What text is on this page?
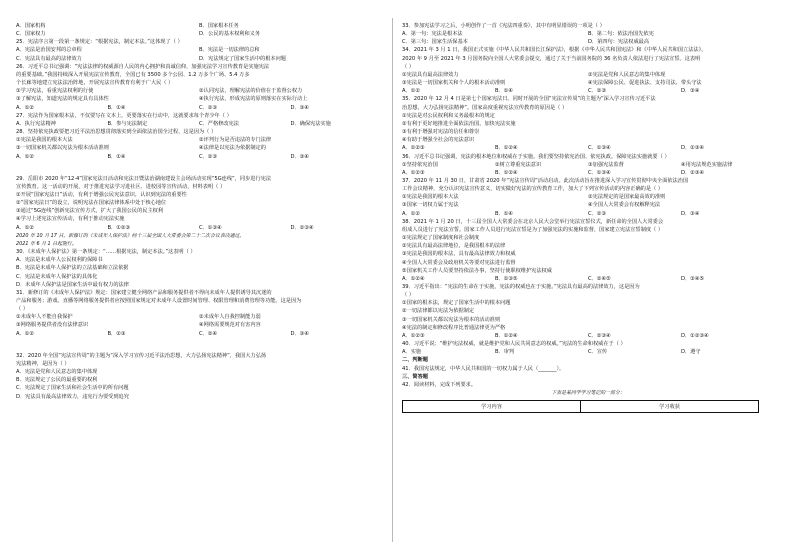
A．国家机构	B．国家根本任务
C．国家权力	D．公民的基本权利和义务
25．宪法序言第一段第一条规定：“根据宪法，制定本法。”这体现了（ ）
A．宪法是治国安邦的总章程	B．宪法是一切法律的总和
C．宪法具有最高的法律效力	D．宪法规定了国家生活中的根本问题
26．习近平总书记强调：“宪法法律的权威源自人民的内心拥护和真诚信仰，加强宪法学习宣传教育是实施宪法
的重要基础。”我国持续深入开展宪法宣传教育，全国已有 3500 多个公园、1.2 万多个广场、5.4 万多
个长廊等地建立宪法法治阵地，开展宪法宣传教育有利于广大民（ ）
①学习宪法，看重宪法权利的行使	②认同宪法，理解宪法的价值在于监督公权力
③了解宪法，知道宪法的规定具有具体性	④执行宪法，形成宪法的原则落实在实际行动上
A．①②	B．①④	C．②③	D．③④
27．宪法作为国家根本法，不仅要写在文本上，更要落实在行动中，这就要求每个青少年（ ）
A．执行宪法精神	B．参与宪法制定	C．严格修改宪法	D．确保宪法实施
28．坚持依宪执政要把习近平法治思想贯彻落实到全面依法治国全过程，这是因为（ ）
①宪法是我国的根本大法	②评判行为是否违法的专门法律
③一切国家机关都以宪法为根本活动准则	④法律是以宪法为依据制定的
A．①②	B．①④	C．②③	D．③④
29．岳阳市 2020 年“12·4”国家宪法日活动和宪法日暨法治湖南建设主会场活动实现“5G连线”，同步进行宪法
宣传教育。这一活动的开展，对于推进宪法学习进社区、进校园等宣传活动，材料表明（ ）
①开展“国家宪法日”活动，有利于增强公民宪法意识，认识到宪法的重要性
②“国家宪法日”的设立，说明宪法在国家法律体系中处于核心地位
③通过“5G连线”创新宪法宣传方式，扩大了我国公民的民主权利
④学习上述宪法宣传活动，有利于推动宪法实施
A．①②	B．①②③	C．①③④	D．②③④
2020 年 10 月 17 日，新修订的《未成年人保护法》经十三届全国人大常委会第二十二次会议表决通过，
2021 年 6 月 1 日起施行。
30．《未成年人保护法》第一条规定：“……根据宪法，制定本法。”这表明（ ）
A．宪法是未成年人公民权利的保障书
B．宪法是未成年人保护法的立法基础和立法依据
C．宪法是未成年人保护法的具体化
D．未成年人保护法是国家生活中最有权力的法律
31．新修订的《未成年人保护法》规定：国家建立健全网络产品和服务提供者不得向未成年人提供诱导其沉迷的
产品和服务；游戏、直播等网络服务提供者应按照国家规定对未成年人设置时间管理、权限管理和消费管理等功能。这是因为
（ ）
①未成年人不能自我保护	②未成年人自我控制能力弱
③网络服务提供者没有法律意识	④网络需要规范对有害内容
A．①②	B．②③	C．②④	D．③④
32．2020 年全国“宪法宣传周”的主题为“深入学习宣传习近平法治思想，大力弘扬宪法精神”，我国大力弘扬
宪法精神，是因为（ ）
A．宪法是党和人民意志的集中体现
B．宪法规定了公民的最重要的权利
C．宪法规定了国家生活和社会生活中的所有问题
D．宪法具有最高法律效力，违宪行为要受到追究
33．参加宪法学习之后，小明创作了一首《宪法四重奏》，其中有明显错误的一项是（ ）
A．第一句：宪法是根本法	B．第二句：依法治国先依宪
C．第三句：国家生活保基本	D．第四句：宪法权威最高
34．2021 年 3 月 1 日，我国正式实施《中华人民共和国长江保护法》，根据《中华人民共和国宪法》和《中华人民共和国立法法》，
2020 年 9 月至 2021 年 3 月国务院向全国人大常委会提交，通过了关于当前国务院的 36 名负责人依法进行了宪法宣誓。这表明
（ ）
①宪法具有最高法律效力	②宪法是党和人民意志的集中体现
③宪法是一切国家机关和个人的根本活动准则	④宪法保障公民、促进执法、支持司法、带头守法
A．①②	B．①④	C．②③	D．③④
35．2020 年 12 月 4 日是第七个国家宪法日。同时开展的全国“宪法宣传周”的主题为“深入学习宣传习近平法
治思想，大力弘扬宪法精神”。国家高度重视宪法宣传教育的原因是（ ）
①宪法是对公民权利和义务最根本的规定
②有利于更好地推进全面依法治国，加快宪法实施
③有利于增强对宪法的信任和尊崇
④有助于增强全社会的宪法意识
A．①②③	B．①②④	C．①③④	D．②③④
36．习近平总书记强调，宪法的根本地位和权威在于实施。我们要坚持依宪治国、依宪执政。保障宪法实施就要（ ）
①坚持依宪治国	②树立尊重宪法意识	③加强宪法监督	④用宪法规范实施法律
A．①②③	B．①②④	C．①③④	D．②③④
37．2020 年 11 月 30 日，甘肃省 2020 年“宪法宣传周”活动启动。此次活动旨在推进深入学习宣传贯彻中央全面依法治国
工作会议精神，充分认识宪法宣传意义，切实做好宪法的宣传教育工作，加大了下列宣传活动的内容正确的是（ ）
①宪法是我国的根本大法	②宪法规定的是国家最高效的准则
③国家一切权力属于宪法	④全国人大常委会有权解释宪法
A．①②	B．①④	C．②③	D．③④
38．2021 年 1 月 20 日，十三届全国人大常委会在北京人民大会堂举行宪法宣誓仪式，新任命的全国人大常委会
组成人员进行了宪法宣誓。国家工作人员进行宪法宣誓是为了加强宪法的实施和监督，国家建立宪法宣誓制度（ ）
①宪法规定了国家制度和社会制度
②宪法具有最高法律地位，是我国根本的法律
③宪法是我国的根本法，具有最高法律效力和权威
④全国人大常委会及政府机关等要对宪法进行监督
⑤国家机关工作人员要坚持依法办事，坚持行使职权维护宪法权威
A．①②④	B．①③⑤	C．②④⑤	D．③④⑤
39．习近平指出：“宪法的生命在于实施，宪法的权威也在于实施。”宪法具有最高的法律效力，这是因为
（ ）
①国家的根本法，规定了国家生活中的根本问题
②一切法律都以宪法为依据制定
③一切国家机关都以宪法为根本的活动准则
④宪法的制定和修改程序比普通法律更为严格
A．①②③	B．①②④	C．②③④	D．①②③④
40．习近平说：“维护宪法权威，就是维护党和人民共同意志的权威。”宪法的生命和权威在于（ ）
A．实施	B．审判	C．宣传	D．遵守
二、判断题
41．我国宪法规定，中华人民共和国的一切权力属于人民（_______）。
三、简答题
42．阅读材料，完成下列要求。
下表是某同学学习笔记的一部分：
学习内容	学习收获
